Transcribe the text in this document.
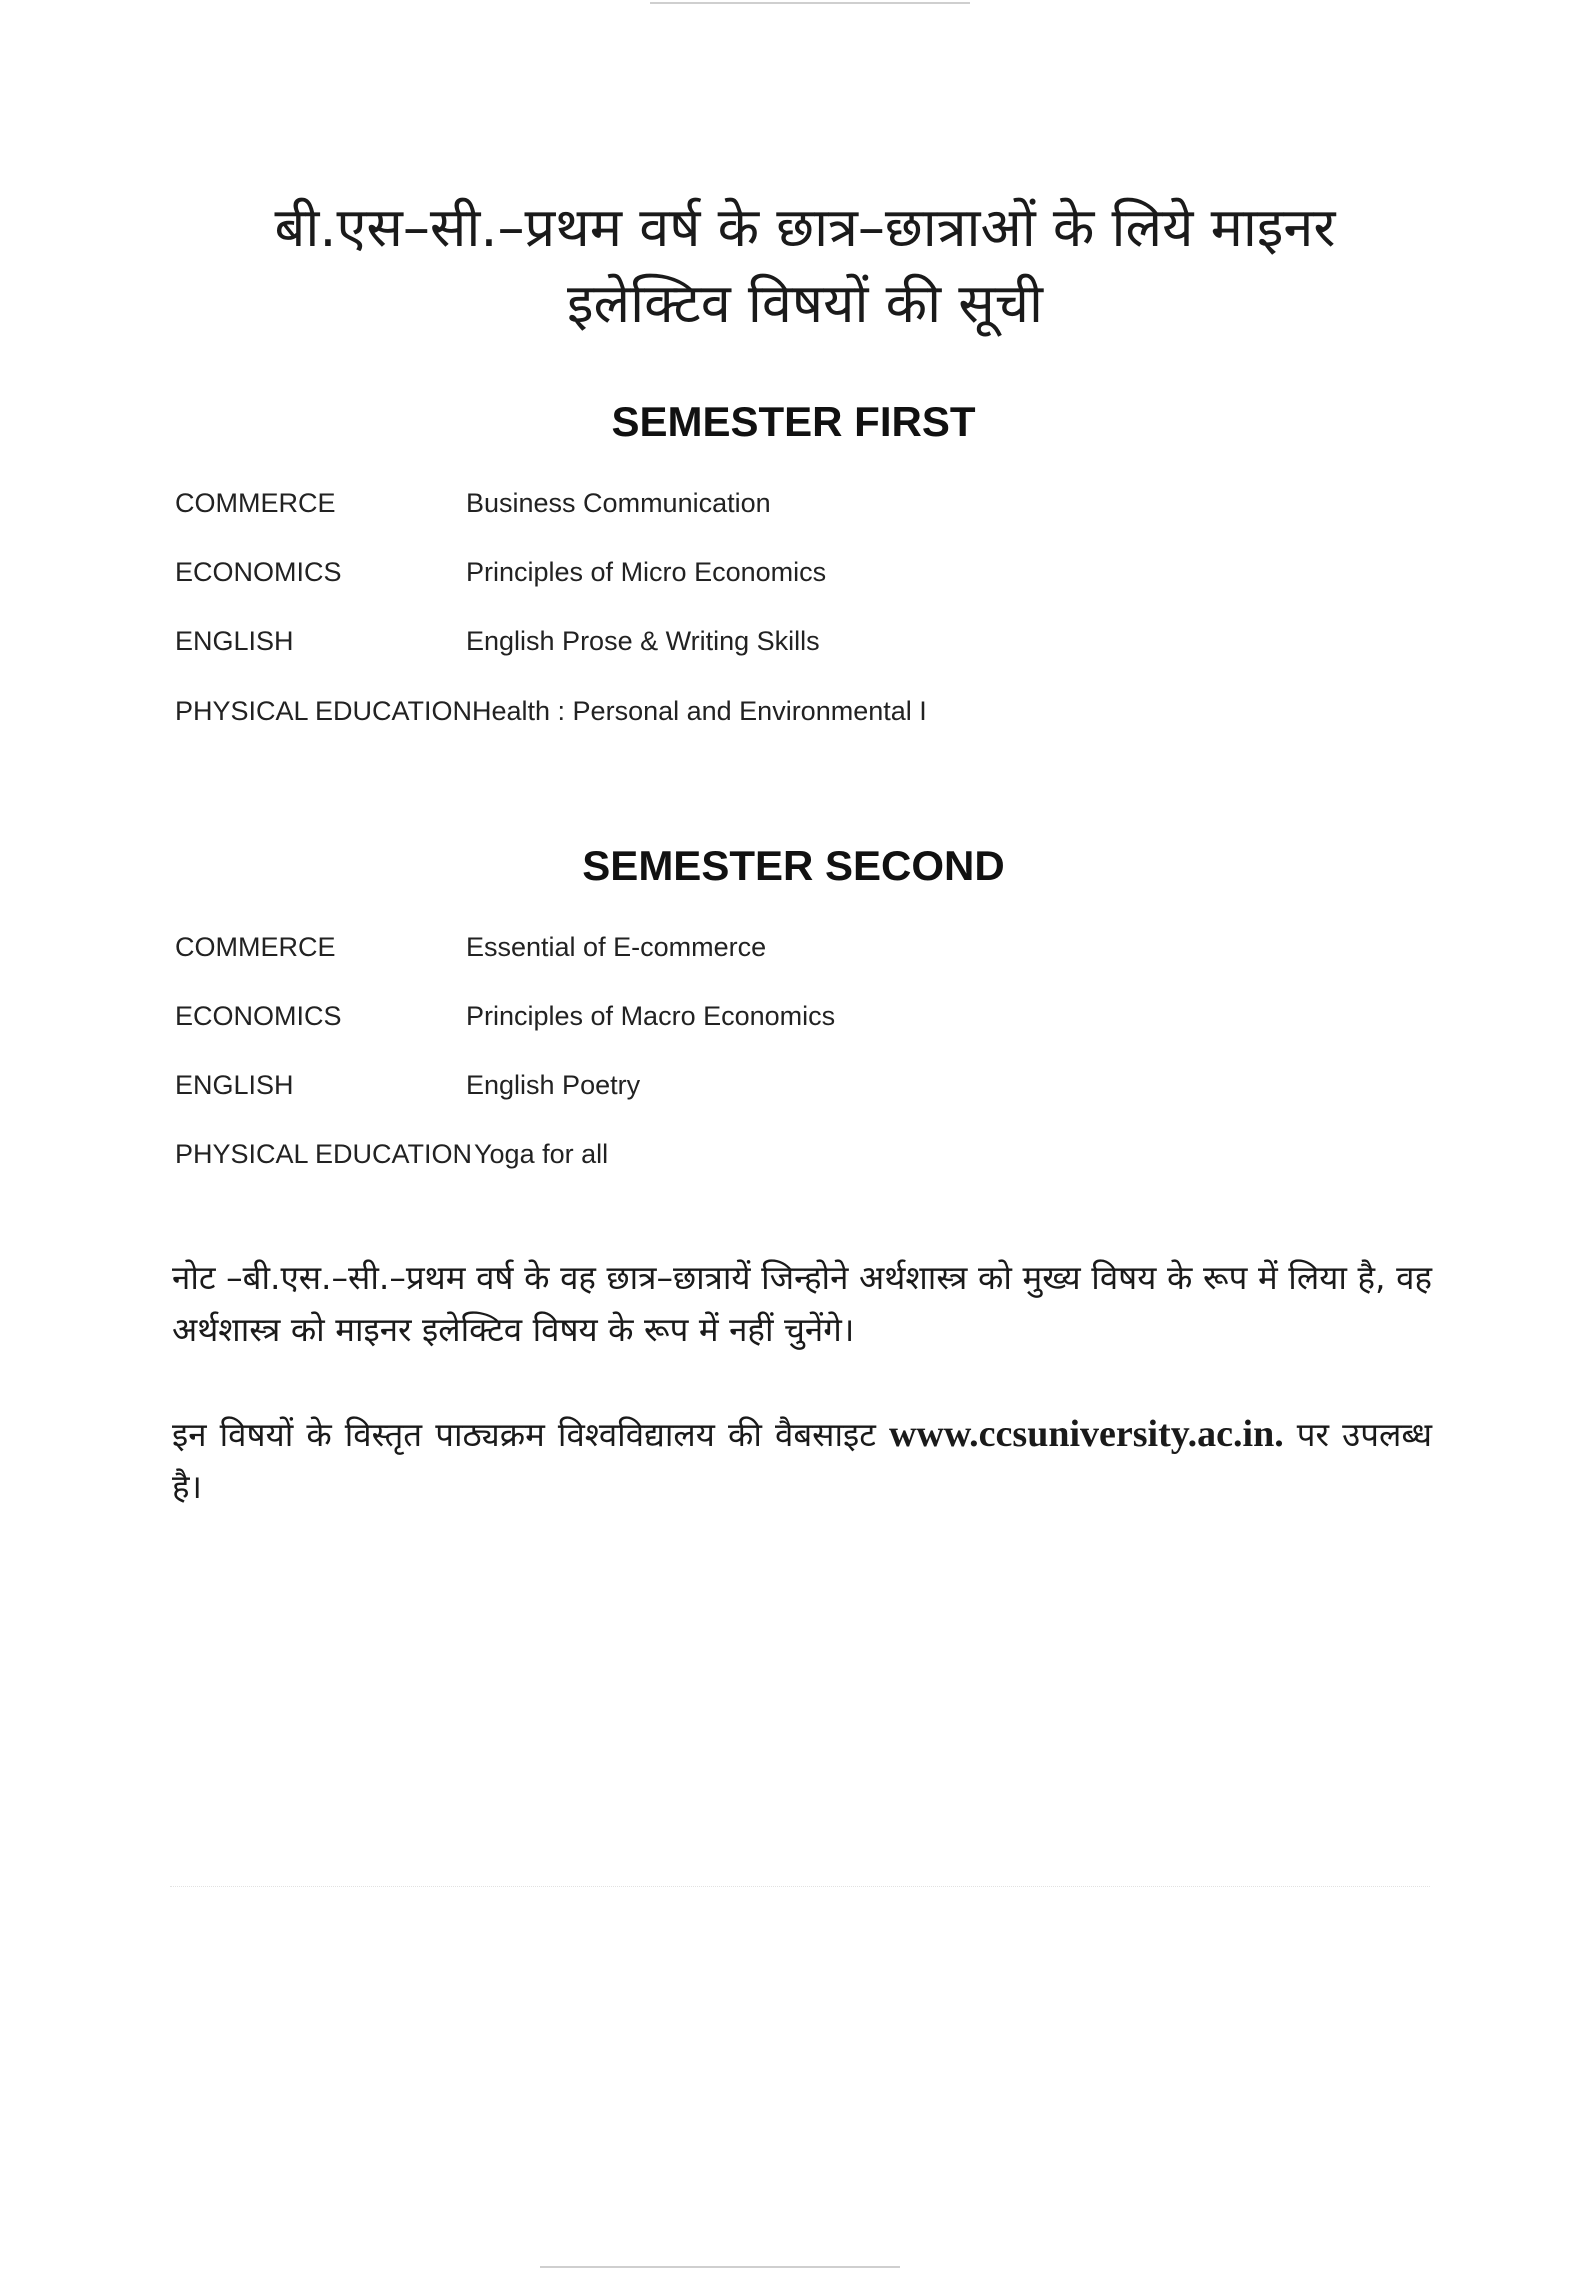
बी.एस–सी.–प्रथम वर्ष के छात्र–छात्राओं के लिये माइनर
इलेक्टिव विषयों की सूची
SEMESTER FIRST
COMMERCE	Business Communication
ECONOMICS	Principles of Micro Economics
ENGLISH	English Prose & Writing Skills
PHYSICAL EDUCATION Health : Personal and Environmental I
SEMESTER SECOND
COMMERCE	Essential of E-commerce
ECONOMICS	Principles of Macro Economics
ENGLISH	English Poetry
PHYSICAL EDUCATION Yoga for all

नोट –बी.एस.–सी.–प्रथम वर्ष के वह छात्र–छात्रायें जिन्होने अर्थशास्त्र को मुख्य विषय के रूप में लिया है, वह अर्थशास्त्र को माइनर इलेक्टिव विषय के रूप में नहीं चुनेंगे।

इन विषयों के विस्तृत पाठ्यक्रम विश्वविद्यालय की वैबसाइट www.ccsuniversity.ac.in. पर उपलब्ध है।
